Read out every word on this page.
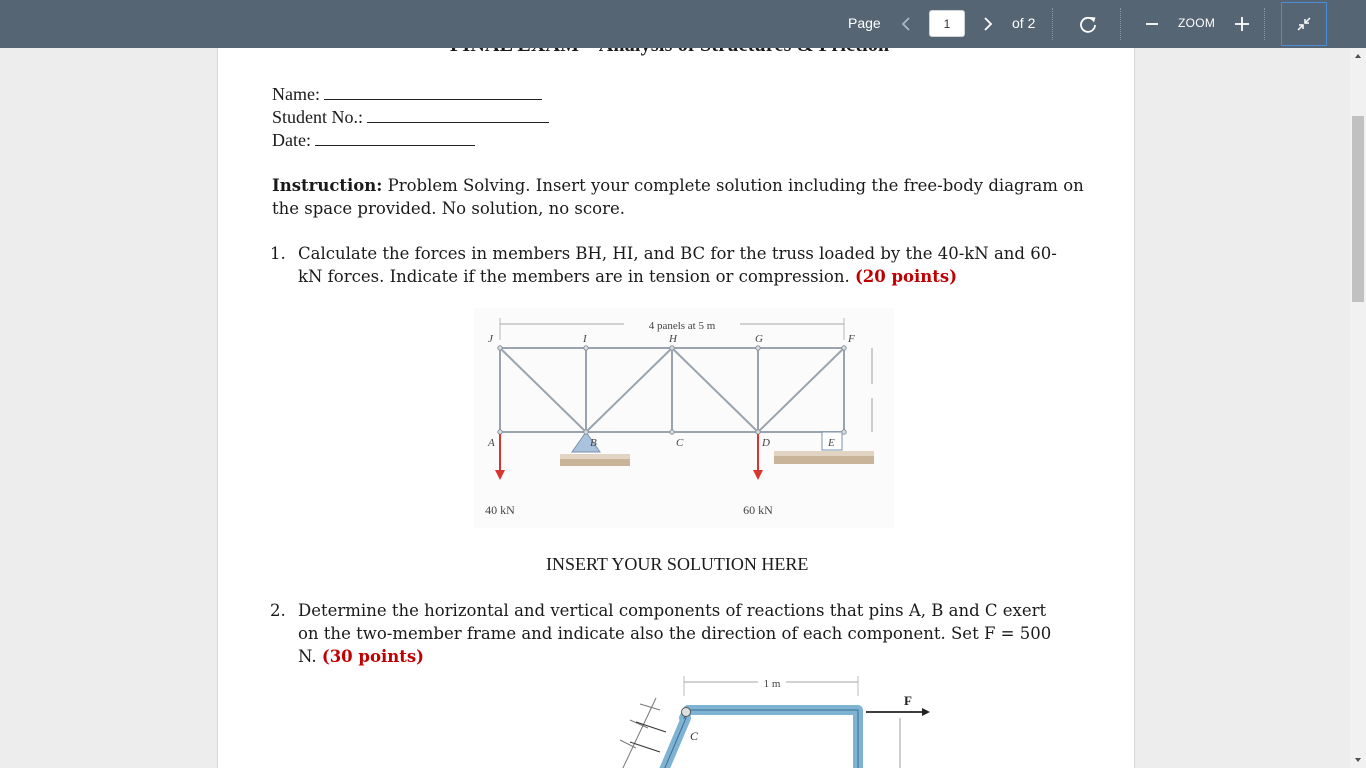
Page
1	of 2	ZOOM
Name:
Student No.:
Date:
Instruction: Problem Solving. Insert your complete solution including the free-body diagram on the space provided. No solution, no score.
1. Calculate the forces in members BH, HI, and BC for the truss loaded by the 40-kN and 60-
kN forces. Indicate if the members are in tension or compression. (20 points)
4 panels at 5 m
J	I	H	G	F
A	B	C	D	E
40 kN	60 kN
INSERT YOUR SOLUTION HERE
2. Determine the horizontal and vertical components of reactions that pins A, B and C exert
on the two-member frame and indicate also the direction of each component. Set F = 500
N. (30 points)
1 m
C
F
